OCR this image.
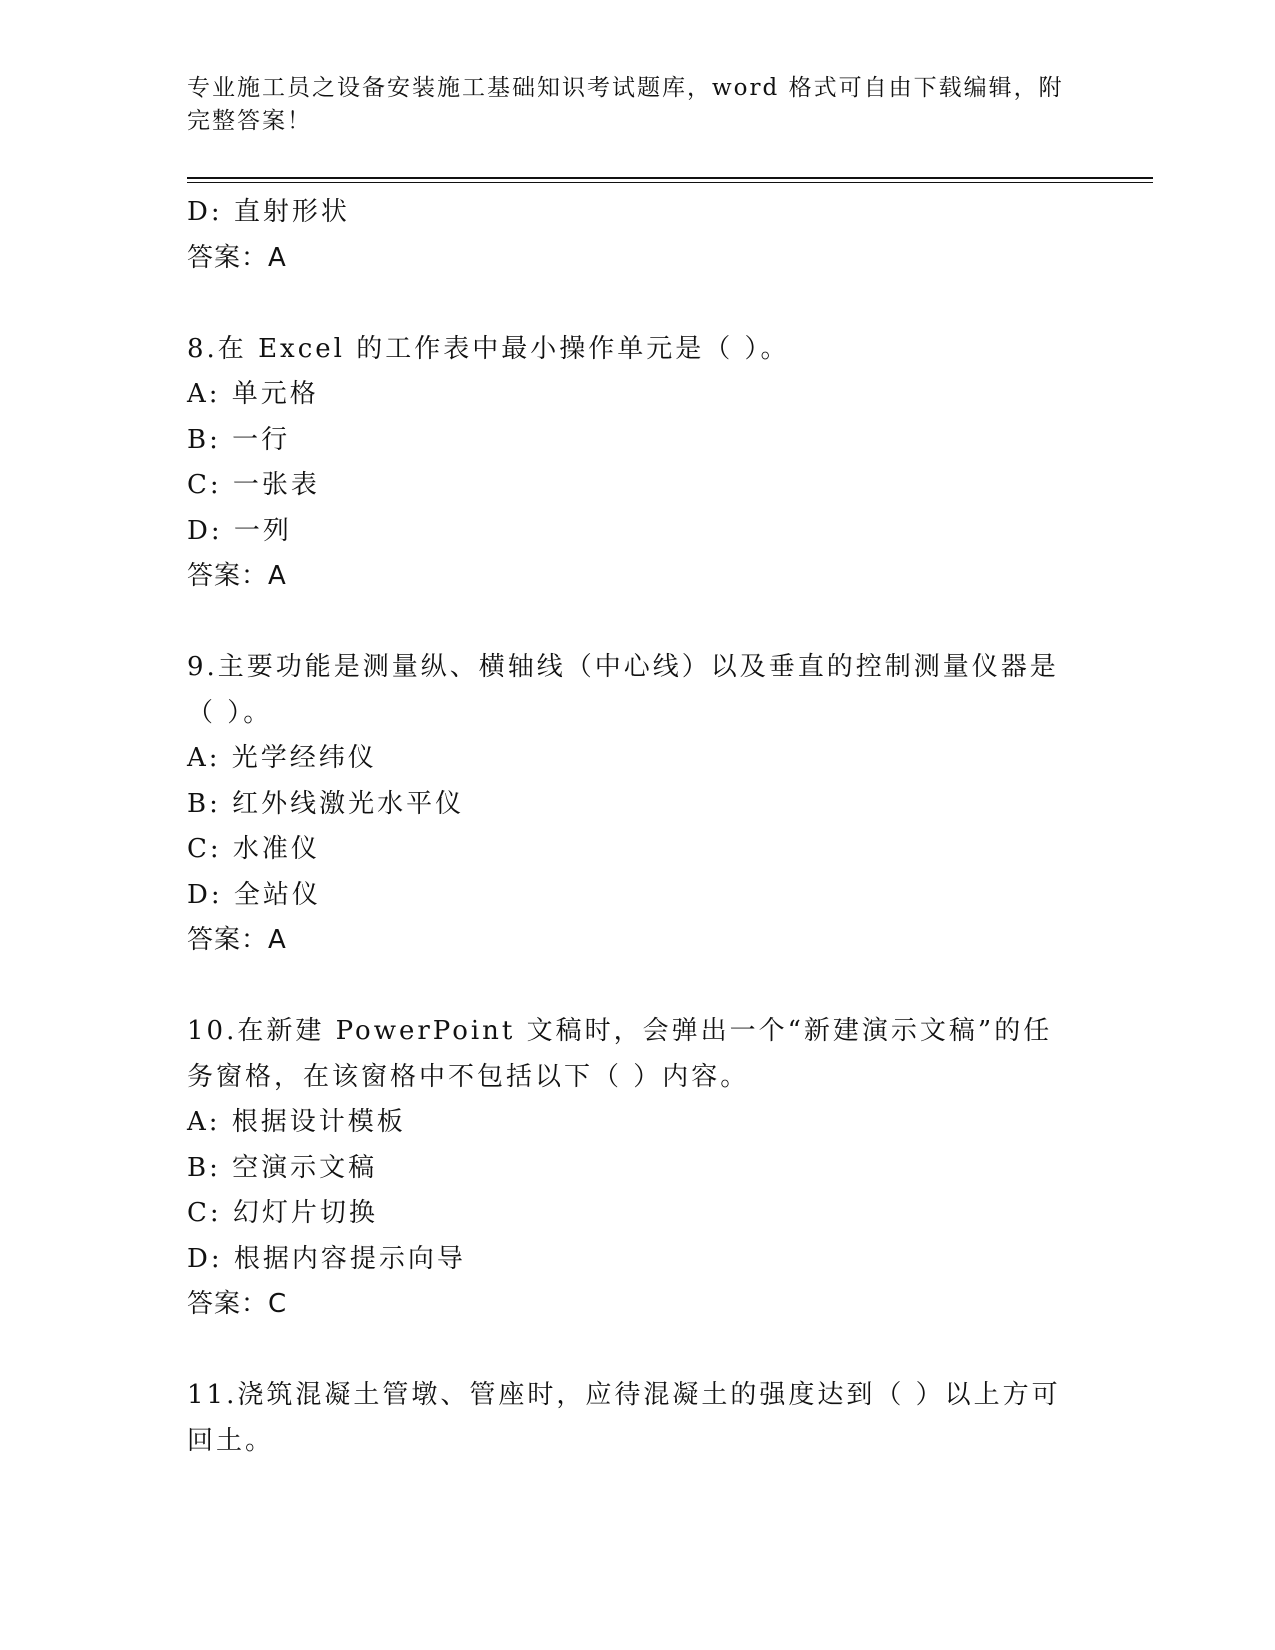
专业施工员之设备安装施工基础知识考试题库，word 格式可自由下载编辑，附完整答案！
D: 直射形状
答案：A
8.在 Excel 的工作表中最小操作单元是（ ）。
A: 单元格
B: 一行
C: 一张表
D: 一列
答案：A
9.主要功能是测量纵、横轴线（中心线）以及垂直的控制测量仪器是（ ）。
A: 光学经纬仪
B: 红外线激光水平仪
C: 水准仪
D: 全站仪
答案：A
10.在新建 PowerPoint 文稿时，会弹出一个“新建演示文稿”的任务窗格，在该窗格中不包括以下（ ）内容。
A: 根据设计模板
B: 空演示文稿
C: 幻灯片切换
D: 根据内容提示向导
答案：C
11.浇筑混凝土管墩、管座时，应待混凝土的强度达到（ ）以上方可回土。
